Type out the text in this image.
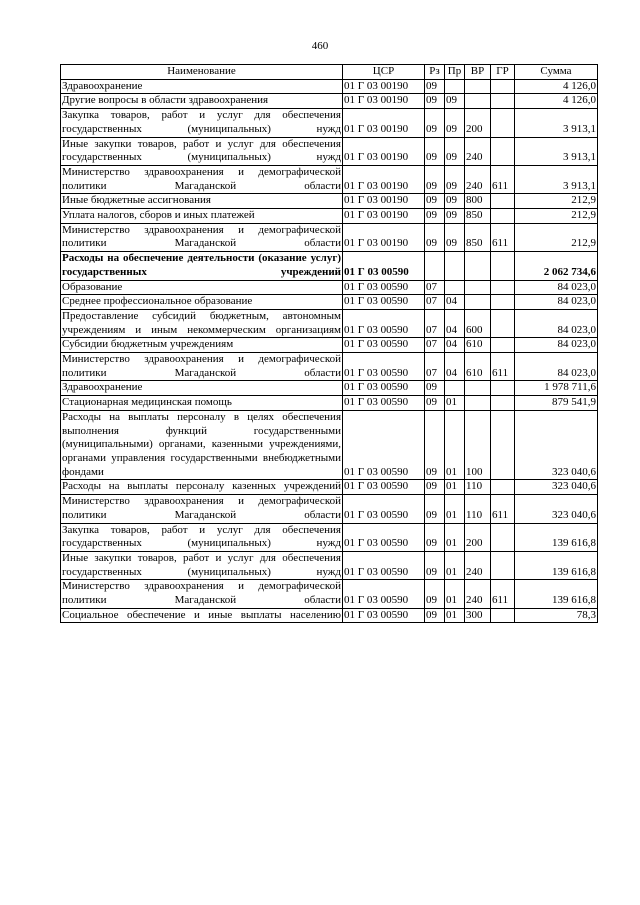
460
Наименование	ЦСР	Рз	Пр	ВР	ГР	Сумма
Здравоохранение	01 Г 03 00190	09				4 126,0
Другие вопросы в области здравоохранения	01 Г 03 00190	09	09			4 126,0
Закупка товаров, работ и услуг для обеспечения государственных (муниципальных) нужд	01 Г 03 00190	09	09	200		3 913,1
Иные закупки товаров, работ и услуг для обеспечения государственных (муниципальных) нужд	01 Г 03 00190	09	09	240		3 913,1
Министерство здравоохранения и демографической политики Магаданской области	01 Г 03 00190	09	09	240	611	3 913,1
Иные бюджетные ассигнования	01 Г 03 00190	09	09	800		212,9
Уплата налогов, сборов и иных платежей	01 Г 03 00190	09	09	850		212,9
Министерство здравоохранения и демографической политики Магаданской области	01 Г 03 00190	09	09	850	611	212,9
Расходы на обеспечение деятельности (оказание услуг) государственных учреждений	01 Г 03 00590					2 062 734,6
Образование	01 Г 03 00590	07				84 023,0
Среднее профессиональное образование	01 Г 03 00590	07	04			84 023,0
Предоставление субсидий бюджетным, автономным учреждениям и иным некоммерческим организациям	01 Г 03 00590	07	04	600		84 023,0
Субсидии бюджетным учреждениям	01 Г 03 00590	07	04	610		84 023,0
Министерство здравоохранения и демографической политики Магаданской области	01 Г 03 00590	07	04	610	611	84 023,0
Здравоохранение	01 Г 03 00590	09				1 978 711,6
Стационарная медицинская помощь	01 Г 03 00590	09	01			879 541,9
Расходы на выплаты персоналу в целях обеспечения выполнения функций государственными (муниципальными) органами, казенными учреждениями, органами управления государственными внебюджетными фондами	01 Г 03 00590	09	01	100		323 040,6
Расходы на выплаты персоналу казенных учреждений	01 Г 03 00590	09	01	110		323 040,6
Министерство здравоохранения и демографической политики Магаданской области	01 Г 03 00590	09	01	110	611	323 040,6
Закупка товаров, работ и услуг для обеспечения государственных (муниципальных) нужд	01 Г 03 00590	09	01	200		139 616,8
Иные закупки товаров, работ и услуг для обеспечения государственных (муниципальных) нужд	01 Г 03 00590	09	01	240		139 616,8
Министерство здравоохранения и демографической политики Магаданской области	01 Г 03 00590	09	01	240	611	139 616,8
Социальное обеспечение и иные выплаты населению	01 Г 03 00590	09	01	300		78,3
